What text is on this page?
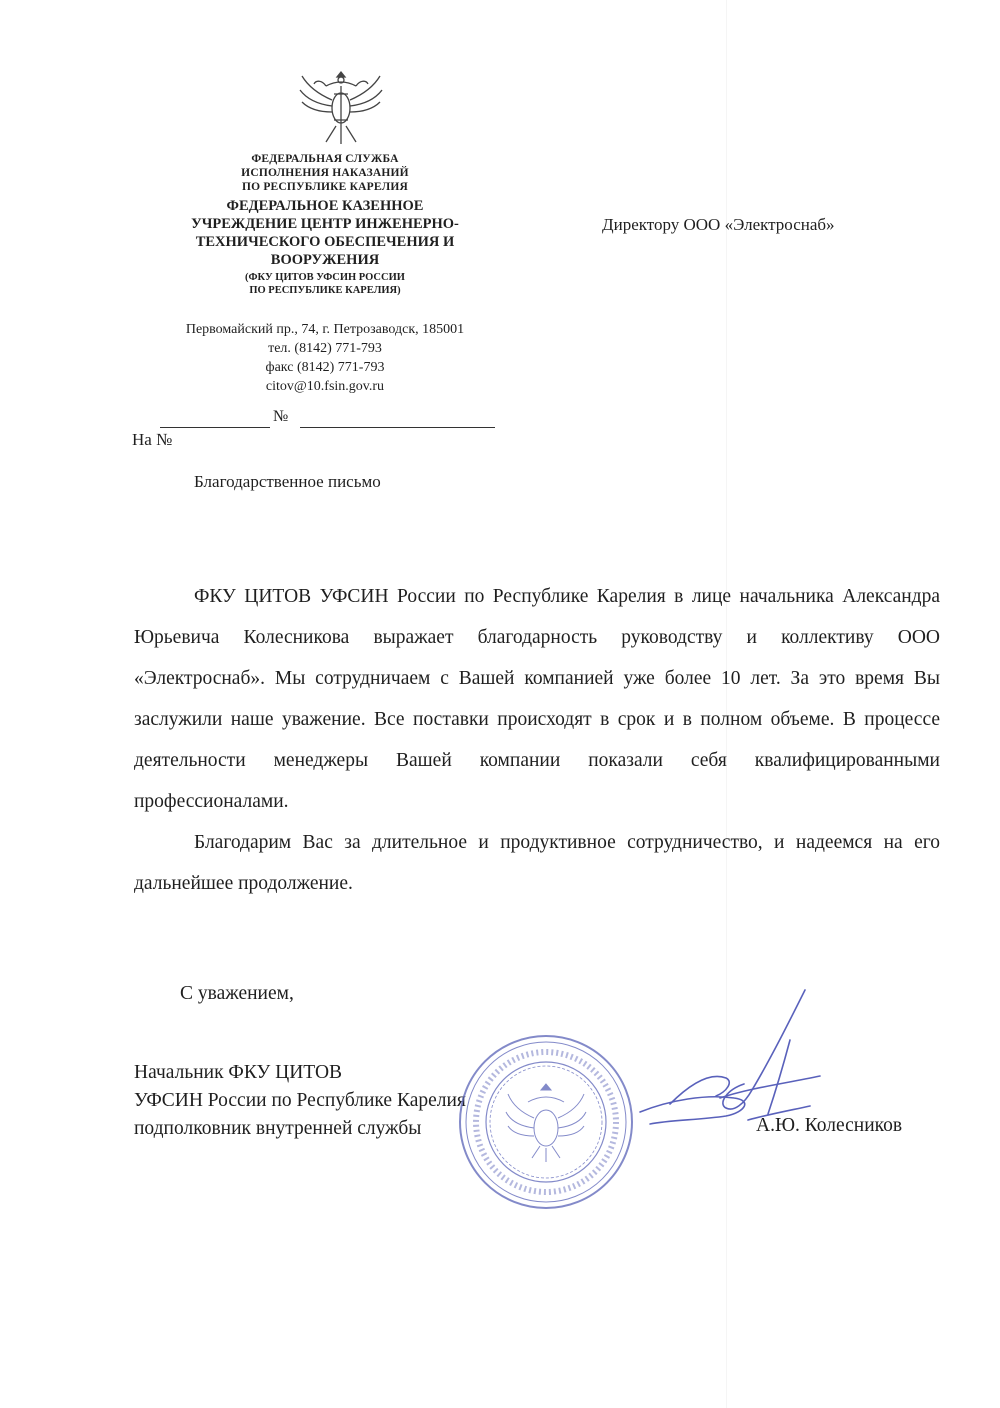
ФЕДЕРАЛЬНАЯ СЛУЖБА
ИСПОЛНЕНИЯ НАКАЗАНИЙ
ПО РЕСПУБЛИКЕ КАРЕЛИЯ
ФЕДЕРАЛЬНОЕ КАЗЕННОЕ
УЧРЕЖДЕНИЕ ЦЕНТР ИНЖЕНЕРНО-
ТЕХНИЧЕСКОГО ОБЕСПЕЧЕНИЯ И
ВООРУЖЕНИЯ
(ФКУ ЦИТОВ УФСИН РОССИИ
ПО РЕСПУБЛИКЕ КАРЕЛИЯ)
Первомайский пр., 74, г. Петрозаводск, 185001
тел. (8142) 771-793
факс (8142) 771-793
citov@10.fsin.gov.ru
№
На №
Директору ООО «Электроснаб»
Благодарственное письмо

ФКУ ЦИТОВ УФСИН России по Республике Карелия в лице начальника Александра Юрьевича Колесникова выражает благодарность руководству и коллективу ООО «Электроснаб». Мы сотрудничаем с Вашей компанией уже более 10 лет. За это время Вы заслужили наше уважение. Все поставки происходят в срок и в полном объеме. В процессе деятельности менеджеры Вашей компании показали себя квалифицированными профессионалами.

Благодарим Вас за длительное и продуктивное сотрудничество, и надеемся на его дальнейшее продолжение.

С уважением,
Начальник ФКУ ЦИТОВ
УФСИН России по Республике Карелия
подполковник внутренней службы	А.Ю. Колесников
